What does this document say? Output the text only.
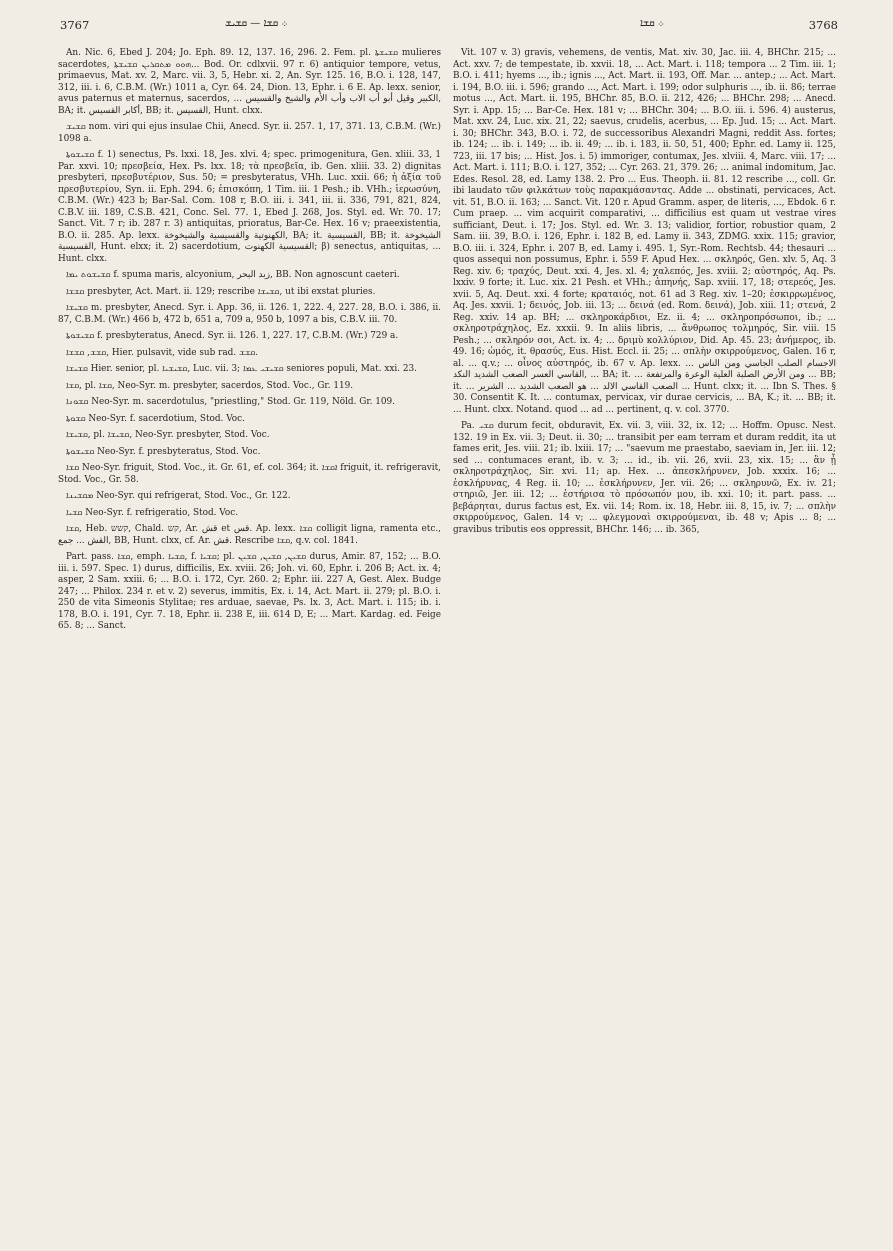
3767	܀ ܩܫܐ — ܩܫܝܫ	܀ ܩܫܐ	3768

An. Nic. 6, Ebed J. 204; Jo. Eph. 89. 12, 137. 16, 296. 2. Fem. pl. ܩܫܝܫܬܐ mulieres sacerdotes, ܗܘܘ ܡܬܩܪܝܢ ܩܫܝܫܬܐ... Bod. Or. cdlxvii. 97 r. 6) antiquior tempore, vetus, primaevus, Mat. xv. 2, Marc. vii. 3, 5, Hebr. xi. 2, An. Syr. 125. 16, B.O. i. 128, 147, 312, iii. i. 6, C.B.M. (Wr.) 1011 a, Cyr. 64. 24, Dion. 13, Ephr. i. 6 E. Ap. lexx. senior, avus paternus et maternus, sacerdos, ... الكبير وقيل أبو أب الاب وأب الأم والشيخ والقسيس, BA; it. أكابر القسيس, BB; it. القسيس, Hunt. clxx.

ܩܫܝܫ nom. viri qui ejus insulae Chii, Anecd. Syr. ii. 257. 1, 17, 371. 13, C.B.M. (Wr.) 1098 a.

ܩܫܝܫܘܬܐ f. 1) senectus, Ps. lxxi. 18, Jes. xlvi. 4; spec. primogenitura, Gen. xliii. 33, 1 Par. xxvi. 10; πρεσβεία, Hex. Ps. lxx. 18; τὰ πρεσβεῖα, ib. Gen. xliii. 33. 2) dignitas presbyteri, πρεσβυτέριον, Sus. 50; = presbyteratus, VHh. Luc. xxii. 66; ἡ ἀξία τοῦ πρεσβυτερίου, Syn. ii. Eph. 294. 6; ἐπισκόπη, 1 Tim. iii. 1 Pesh.; ib. VHh.; ἱερωσύνη, C.B.M. (Wr.) 423 b; Bar-Sal. Com. 108 r, B.O. iii. i. 341, iii. ii. 336, 791, 821, 824, C.B.V. iii. 189, C.S.B. 421, Conc. Sel. 77. 1, Ebed J. 268, Jos. Styl. ed. Wr. 70. 17; Sanct. Vit. 7 r; ib. 287 r. 3) antiquitas, prioratus, Bar-Ce. Hex. 16 v; praeexistentia, B.O. ii. 285. Ap. lexx. الكهنوتية والقسيسية والشيخوخة, BA; it. القسيسية, BB; it. الشيخوخة القسيسية, Hunt. elxx; it. 2) sacerdotium, القسيسية الكهنوت; β) senectus, antiquitas, ... Hunt. clxx.

ܩܫܝܫܘܬ ܝܡܐ f. spuma maris, alcyonium, زبد البحر, BB. Non agnoscunt caeteri.

ܩܫܫܐ presbyter, Act. Mart. ii. 129; rescribe ܩܫܝܫܐ, ut ibi exstat pluries.

ܩܫܝܫܐ m. presbyter, Anecd. Syr. i. App. 36, ii. 126. 1, 222. 4, 227. 28, B.O. i. 386, ii. 87, C.B.M. (Wr.) 466 b, 472 b, 651 a, 709 a, 950 b, 1097 a bis, C.B.V. iii. 70.

ܩܫܝܫܘܬܐ f. presbyteratus, Anecd. Syr. ii. 126. 1, 227. 17, C.B.M. (Wr.) 729 a.

ܩܫܫ, ܩܫܫܐ, Hier. pulsavit, vide sub rad. ܩܫܫ.

ܩܫܝܫܐ Hier. senior, pl. ܩܫܝܫܝܐ, Luc. vii. 3; ܩܫܝܫܝ ܥܡܐ seniores populi, Mat. xxi. 23.

ܩܫܐ, pl. ܩܫܐ, Neo-Syr. m. presbyter, sacerdos, Stod. Voc., Gr. 119.

ܩܫܘܢܐ Neo-Syr. m. sacerdotulus, "priestling," Stod. Gr. 119, Nöld. Gr. 109.

ܩܫܘܬܐ Neo-Syr. f. sacerdotium, Stod. Voc.

ܩܫܝܫܐ, pl. ܩܫܝܫܐ, Neo-Syr. presbyter, Stod. Voc.

ܩܫܝܫܘܬܐ Neo-Syr. f. presbyteratus, Stod. Voc.

ܩܫܐ Neo-Syr. friguit, Stod. Voc., it. Gr. 61, ef. col. 364; it. ܐܩܫܐ friguit, it. refrigeravit, Stod. Voc., Gr. 58.

ܡܩܫܝܢܐ Neo-Syr. qui refrigerat, Stod. Voc., Gr. 122.

ܩܫܝܐ Neo-Syr. f. refrigeratio, Stod. Voc.

ܩܫܐ, Heb. קשש, Chald. קש, Ar. قش et قس. Ap. lexx. ܩܫܐ colligit ligna, ramenta etc., القش ... جمع, BB, Hunt. clxx, cf. Ar. قش. Rescribe ܩܫܐ, q.v. col. 1841.

Part. pass. ܩܫܐ, emph. ܩܫܝܐ, f. ܩܫܝܐ; pl. ܩܫܝܢ, ܩܫܝܢ, ܩܫܝܢ durus, Amir. 87, 152; ... B.O. iii. i. 597. Spec. 1) durus, difficilis, Ex. xviii. 26; Joh. vi. 60, Ephr. i. 206 B; Act. ix. 4; asper, 2 Sam. xxiii. 6; ... B.O. i. 172, Cyr. 260. 2; Ephr. iii. 227 A, Gest. Alex. Budge 247; ... Philox. 234 r. et v. 2) severus, immitis, Ex. i. 14, Act. Mart. ii. 279; pl. B.O. i. 250 de vita Simeonis Stylitae; res arduae, saevae, Ps. lx. 3, Act. Mart. i. 115; ib. i. 178, B.O. i. 191, Cyr. 7. 18, Ephr. ii. 238 E, iii. 614 D, E; ... Mart. Kardag. ed. Feige 65. 8; ... Sanct.

Vit. 107 v. 3) gravis, vehemens, de ventis, Mat. xiv. 30, Jac. iii. 4, BHChr. 215; ... Act. xxv. 7; de tempestate, ib. xxvii. 18, ... Act. Mart. i. 118; tempora ... 2 Tim. iii. 1; B.O. i. 411; hyems ..., ib.; ignis ..., Act. Mart. ii. 193, Off. Mar. ... antep.; ... Act. Mart. i. 194, B.O. iii. i. 596; grando ..., Act. Mart. i. 199; odor sulphuris ..., ib. ii. 86; terrae motus ..., Act. Mart. ii. 195, BHChr. 85, B.O. ii. 212, 426; ... BHChr. 298; ... Anecd. Syr. i. App. 15; ... Bar-Ce. Hex. 181 v; ... BHChr. 304; ... B.O. iii. i. 596. 4) austerus, Mat. xxv. 24, Luc. xix. 21, 22; saevus, crudelis, acerbus, ... Ep. Jud. 15; ... Act. Mart. i. 30; BHChr. 343, B.O. i. 72, de successoribus Alexandri Magni, reddit Ass. fortes; ib. 124; ... ib. i. 149; ... ib. ii. 49; ... ib. i. 183, ii. 50, 51, 400; Ephr. ed. Lamy ii. 125, 723, iii. 17 bis; ... Hist. Jos. i. 5) immoriger, contumax, Jes. xlviii. 4, Marc. viii. 17; ... Act. Mart. i. 111; B.O. i. 127, 352; ... Cyr. 263. 21, 379. 26; ... animal indomitum, Jac. Edes. Resol. 28, ed. Lamy 138. 2. Pro ... Eus. Theoph. ii. 81. 12 rescribe ..., coll. Gr. ibi laudato τῶν φιλκάτων τοὺς παρακμάσαντας. Adde ... obstinati, pervicaces, Act. vit. 51, B.O. ii. 163; ... Sanct. Vit. 120 r. Apud Gramm. asper, de literis, ..., Ebdok. 6 r. Cum praep. ... vim acquirit comparativi, ... difficilius est quam ut vestrae vires sufficiant, Deut. i. 17; Jos. Styl. ed. Wr. 3. 13; validior, fortior, robustior quam, 2 Sam. iii. 39, B.O. i. 126, Ephr. i. 182 B, ed. Lamy ii. 343, ZDMG. xxix. 115; gravior, B.O. iii. i. 324, Ephr. i. 207 B, ed. Lamy i. 495. 1, Syr.-Rom. Rechtsb. 44; thesauri ... quos assequi non possumus, Ephr. i. 559 F. Apud Hex. ... σκληρός, Gen. xlv. 5, Aq. 3 Reg. xiv. 6; τραχύς, Deut. xxi. 4, Jes. xl. 4; χαλεπός, Jes. xviii. 2; αὐστηρός, Aq. Ps. lxxiv. 9 forte; it. Luc. xix. 21 Pesh. et VHh.; ἀπηνής, Sap. xviii. 17, 18; στερεός, Jes. xvii. 5, Aq. Deut. xxi. 4 forte; κραταιός, not. 61 ad 3 Reg. xiv. 1–20; ἐσκιρρωμένος, Aq. Jes. xxvii. 1; δεινός, Job. iii. 13; ... δεινά (ed. Rom. δεινά), Job. xiii. 11; στενά, 2 Reg. xxiv. 14 ap. BH; ... σκληροκάρδιοι, Ez. ii. 4; ... σκληροπρόσωποι, ib.; ... σκληροτράχηλος, Ez. xxxii. 9. In aliis libris, ... ἄνθρωπος τολμηρός, Sir. viii. 15 Pesh.; ... σκληρόν σοι, Act. ix. 4; ... δριμὺ κολλύριον, Did. Ap. 45. 23; ἀνήμερος, ib. 49. 16; ὠμός, it. θρασύς, Eus. Hist. Eccl. ii. 25; ... σπλὴν σκιρρούμενος, Galen. 16 r, al. ... q.v.; ... οἶνος αὐστηρός, ib. 67 v. Ap. lexx. ... الاجسام الصلب الجاسي ومن الناس القاسي العسر الصعب الشديد النكد, ... BA; it. ... ومن الأرض الصلبة العلية الوعرة والمرتفعة ... BB; it. ... الصعب القاسي الالد ... هو الصعب الشديد ... الشرير ... Hunt. clxx; it. ... Ibn S. Thes. § 30. Consentit K. It. ... contumax, pervicax, vir durae cervicis, ... BA, K.; it. ... BB; it. ... Hunt. clxx. Notand. quod ... ad ... pertinent, q. v. col. 3770.

Pa. ܩܫܝ durum fecit, obduravit, Ex. vii. 3, viii. 32, ix. 12; ... Hoffm. Opusc. Nest. 132. 19 in Ex. vii. 3; Deut. ii. 30; ... transibit per eam terram et duram reddit, ita ut fames erit, Jes. viii. 21; ib. lxiii. 17; ... "saevum me praestabo, saeviam in, Jer. iii. 12; sed ... contumaces erant, ib. v. 3; ... id., ib. vii. 26, xvii. 23, xix. 15; ... ἂν ᾖ σκληροτράχηλος, Sir. xvi. 11; ap. Hex. ... ἀπεσκλήρυνεν, Job. xxxix. 16; ... ἐσκλήρυνας, 4 Reg. ii. 10; ... ἐσκλήρυνεν, Jer. vii. 26; ... σκληρυνῶ, Ex. iv. 21; στηριῶ, Jer. iii. 12; ... ἐστήρισα τὸ πρόσωπόν μου, ib. xxi. 10; it. part. pass. ... βεβάρηται, durus factus est, Ex. vii. 14; Rom. ix. 18, Hebr. iii. 8, 15, iv. 7; ... σπλὴν σκιρρούμενος, Galen. 14 v; ... φλεγμοναὶ σκιρρούμεναι, ib. 48 v; Apis ... 8; ... gravibus tributis eos oppressit, BHChr. 146; ... ib. 365,
